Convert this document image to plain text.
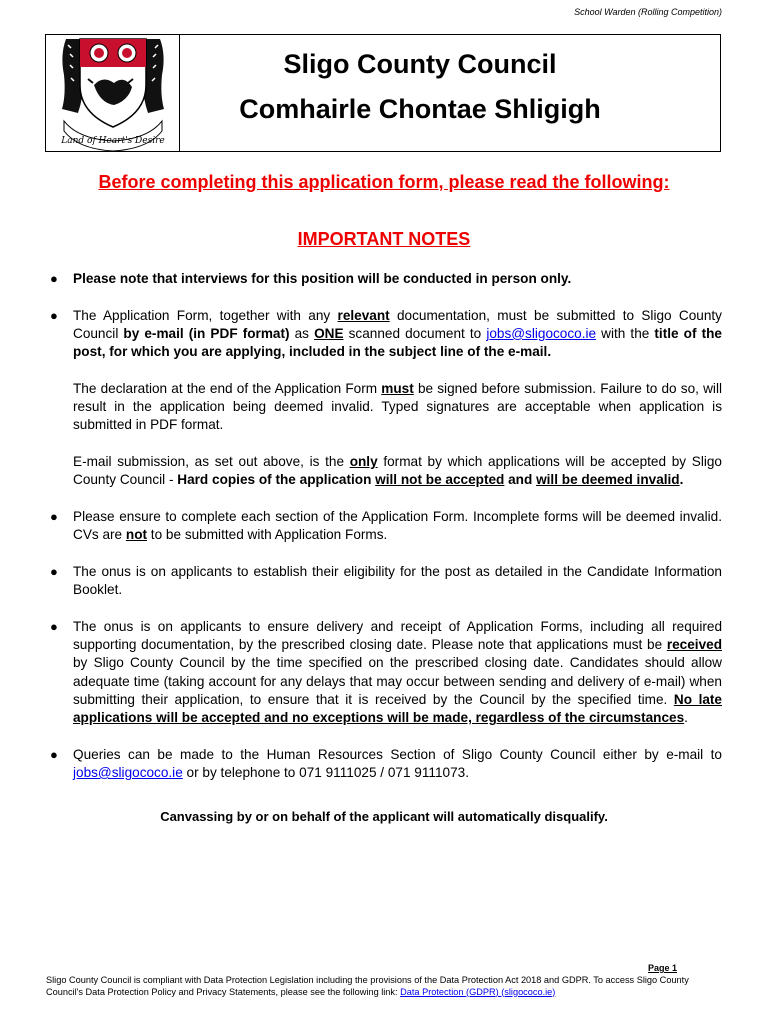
School Warden (Rolling Competition)
Land of Heart's Desire
Sligo County Council
Comhairle Chontae Shligigh
Before completing this application form, please read the following:
IMPORTANT NOTES
● Please note that interviews for this position will be conducted in person only.

● The Application Form, together with any relevant documentation, must be submitted to Sligo County Council by e-mail (in PDF format) as ONE scanned document to jobs@sligococo.ie with the title of the post, for which you are applying, included in the subject line of the e-mail.

The declaration at the end of the Application Form must be signed before submission. Failure to do so, will result in the application being deemed invalid. Typed signatures are acceptable when application is submitted in PDF format.

E-mail submission, as set out above, is the only format by which applications will be accepted by Sligo County Council - Hard copies of the application will not be accepted and will be deemed invalid.

● Please ensure to complete each section of the Application Form. Incomplete forms will be deemed invalid. CVs are not to be submitted with Application Forms.

● The onus is on applicants to establish their eligibility for the post as detailed in the Candidate Information Booklet.

● The onus is on applicants to ensure delivery and receipt of Application Forms, including all required supporting documentation, by the prescribed closing date. Please note that applications must be received by Sligo County Council by the time specified on the prescribed closing date. Candidates should allow adequate time (taking account for any delays that may occur between sending and delivery of e-mail) when submitting their application, to ensure that it is received by the Council by the specified time. No late applications will be accepted and no exceptions will be made, regardless of the circumstances.

● Queries can be made to the Human Resources Section of Sligo County Council either by e-mail to jobs@sligococo.ie or by telephone to 071 9111025 / 071 9111073.

Canvassing by or on behalf of the applicant will automatically disqualify.
Page 1
Sligo County Council is compliant with Data Protection Legislation including the provisions of the Data Protection Act 2018 and GDPR. To access Sligo County Council's Data Protection Policy and Privacy Statements, please see the following link: Data Protection (GDPR) (sligococo.ie)
